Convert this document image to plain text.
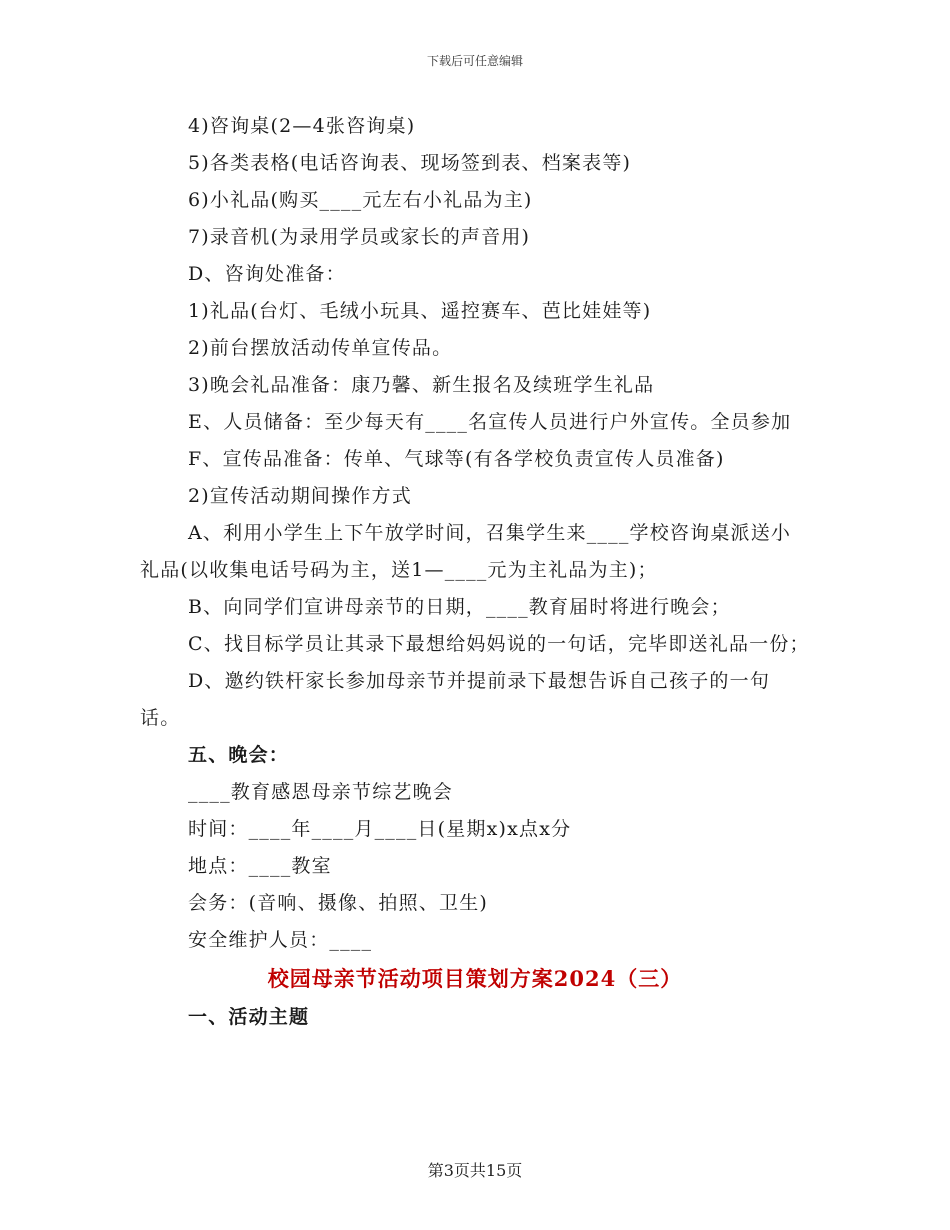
下载后可任意编辑

4)咨询桌(2—4张咨询桌)

5)各类表格(电话咨询表、现场签到表、档案表等)

6)小礼品(购买____元左右小礼品为主)

7)录音机(为录用学员或家长的声音用)

D、咨询处准备：

1)礼品(台灯、毛绒小玩具、遥控赛车、芭比娃娃等)

2)前台摆放活动传单宣传品。

3)晚会礼品准备：康乃馨、新生报名及续班学生礼品

E、人员储备：至少每天有____名宣传人员进行户外宣传。全员参加

F、宣传品准备：传单、气球等(有各学校负责宣传人员准备)

2)宣传活动期间操作方式

A、利用小学生上下午放学时间，召集学生来____学校咨询桌派送小礼品(以收集电话号码为主，送1—____元为主礼品为主)；

B、向同学们宣讲母亲节的日期，____教育届时将进行晚会；

C、找目标学员让其录下最想给妈妈说的一句话，完毕即送礼品一份；

D、邀约铁杆家长参加母亲节并提前录下最想告诉自己孩子的一句话。

五、晚会：

____教育感恩母亲节综艺晚会

时间：____年____月____日(星期x)x点x分

地点：____教室

会务：(音响、摄像、拍照、卫生)

安全维护人员：____

校园母亲节活动项目策划方案2024（三）

一、活动主题

第3页共15页
